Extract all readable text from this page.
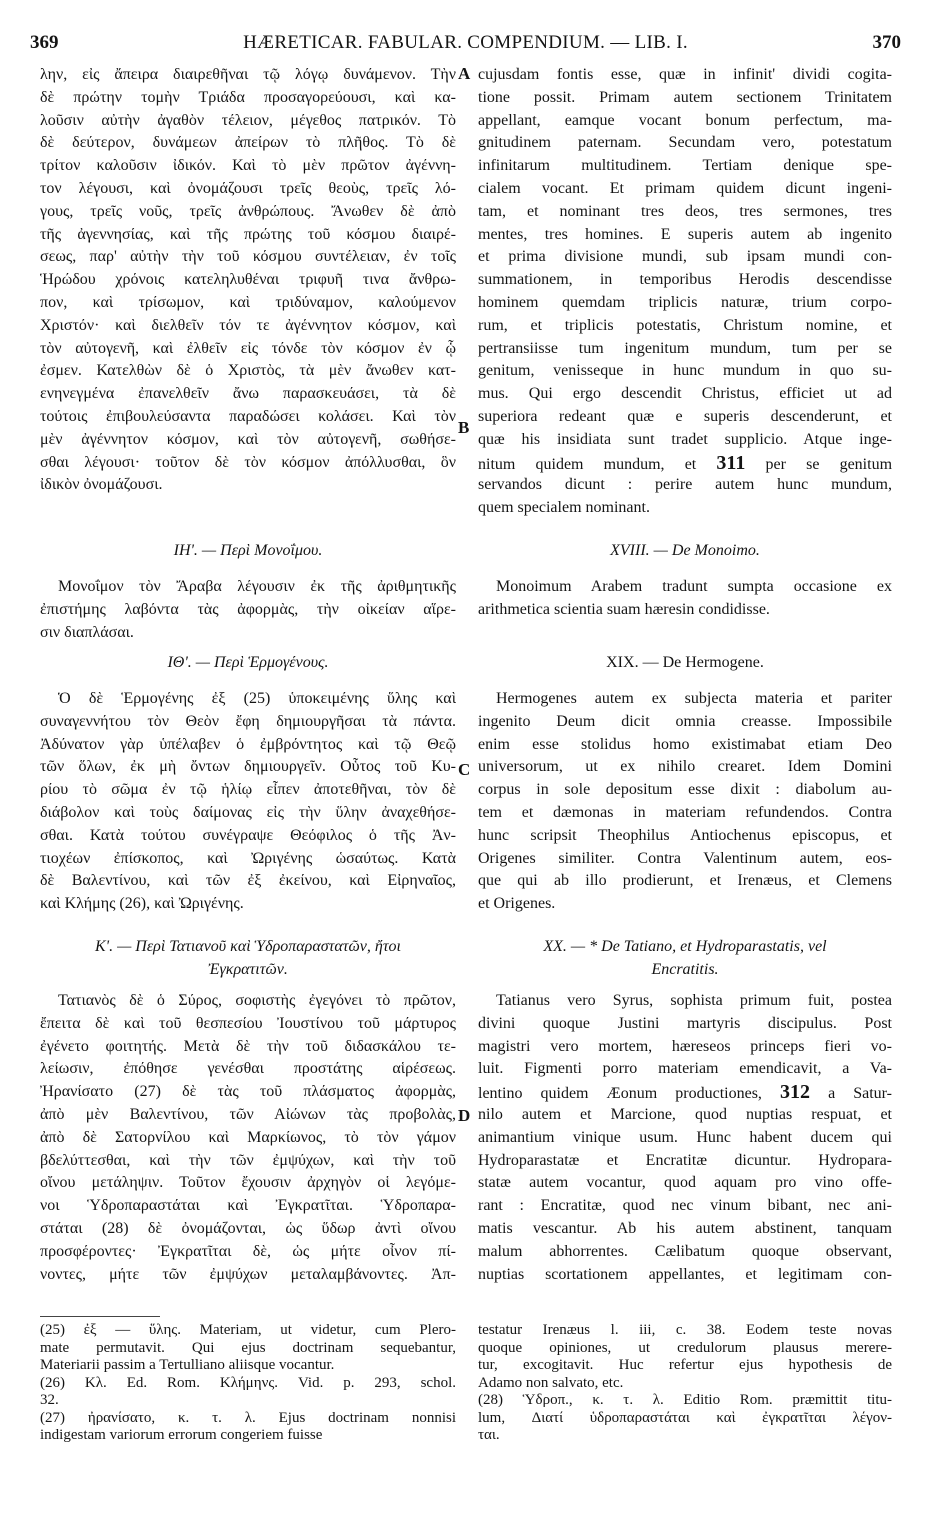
369	HÆRETICAR. FABULAR. COMPENDIUM. — LIB. I.	370
A
B
C
D
λην, εἰς ἄπειρα διαιρεθῆναι τῷ λόγῳ δυνάμενον. Τὴν
δὲ πρώτην τομὴν Τριάδα προσαγορεύουσι, καὶ κα-
λοῦσιν αὐτὴν ἀγαθὸν τέλειον, μέγεθος πατρικόν. Τὸ
δὲ δεύτερον, δυνάμεων ἀπείρων τὸ πλῆθος. Τὸ δὲ
τρίτον καλοῦσιν ἰδικόν. Καὶ τὸ μὲν πρῶτον ἀγέννη-
τον λέγουσι, καὶ ὀνομάζουσι τρεῖς θεοὺς, τρεῖς λό-
γους, τρεῖς νοῦς, τρεῖς ἀνθρώπους. Ἄνωθεν δὲ ἀπὸ
τῆς ἀγεννησίας, καὶ τῆς πρώτης τοῦ κόσμου διαιρέ-
σεως, παρ' αὐτὴν τὴν τοῦ κόσμου συντέλειαν, ἐν τοῖς
Ἡρώδου χρόνοις κατεληλυθέναι τριφυῆ τινα ἄνθρω-
πον, καὶ τρίσωμον, καὶ τριδύναμον, καλούμενον
Χριστόν· καὶ διελθεῖν τόν τε ἀγέννητον κόσμον, καὶ
τὸν αὐτογενῆ, καὶ ἐλθεῖν εἰς τόνδε τὸν κόσμον ἐν ᾧ
ἐσμεν. Κατελθὼν δὲ ὁ Χριστὸς, τὰ μὲν ἄνωθεν κατ-
ενηνεγμένα ἐπανελθεῖν ἄνω παρασκευάσει, τὰ δὲ
τούτοις ἐπιβουλεύσαντα παραδώσει κολάσει. Καὶ τὸν
μὲν ἀγέννητον κόσμον, καὶ τὸν αὐτογενῆ, σωθήσε-
σθαι λέγουσι· τοῦτον δὲ τὸν κόσμον ἀπόλλυσθαι, ὃν
ἰδικὸν ὀνομάζουσι.
ΙΗ'. — Περὶ Μονοΐμου.
Μονοΐμον τὸν Ἄραβα λέγουσιν ἐκ τῆς ἀριθμητικῆς
ἐπιστήμης λαβόντα τὰς ἀφορμὰς, τὴν οἰκείαν αἵρε-
σιν διαπλάσαι.
ΙΘ'. — Περὶ Ἑρμογένους.
Ὁ δὲ Ἑρμογένης ἐξ (25) ὑποκειμένης ὕλης καὶ
συναγεννήτου τὸν Θεὸν ἔφη δημιουργῆσαι τὰ πάντα.
Ἀδύνατον γὰρ ὑπέλαβεν ὁ ἐμβρόντητος καὶ τῷ Θεῷ
τῶν ὅλων, ἐκ μὴ ὄντων δημιουργεῖν. Οὗτος τοῦ Κυ-
ρίου τὸ σῶμα ἐν τῷ ἡλίῳ εἶπεν ἀποτεθῆναι, τὸν δὲ
διάβολον καὶ τοὺς δαίμονας εἰς τὴν ὕλην ἀναχεθήσε-
σθαι. Κατὰ τούτου συνέγραψε Θεόφιλος ὁ τῆς Ἀν-
τιοχέων ἐπίσκοπος, καὶ Ὠριγένης ὡσαύτως. Κατὰ
δὲ Βαλεντίνου, καὶ τῶν ἐξ ἐκείνου, καὶ Εἰρηναῖος,
καὶ Κλήμης (26), καὶ Ὠριγένης.
Κ'. — Περὶ Τατιανοῦ καὶ Ὑδροπαραστατῶν, ἤτοι
Ἐγκρατιτῶν.
Τατιανὸς δὲ ὁ Σύρος, σοφιστὴς ἐγεγόνει τὸ πρῶτον,
ἔπειτα δὲ καὶ τοῦ θεσπεσίου Ἰουστίνου τοῦ μάρτυρος
ἐγένετο φοιτητής. Μετὰ δὲ τὴν τοῦ διδασκάλου τε-
λείωσιν, ἐπόθησε γενέσθαι προστάτης αἱρέσεως.
Ἠρανίσατο (27) δὲ τὰς τοῦ πλάσματος ἀφορμὰς,
ἀπὸ μὲν Βαλεντίνου, τῶν Αἰώνων τὰς προβολὰς,
ἀπὸ δὲ Σατορνίλου καὶ Μαρκίωνος, τὸ τὸν γάμον
βδελύττεσθαι, καὶ τὴν τῶν ἐμψύχων, καὶ τὴν τοῦ
οἴνου μετάληψιν. Τοῦτον ἔχουσιν ἀρχηγὸν οἱ λεγόμε-
νοι Ὑδροπαραστάται καὶ Ἐγκρατῖται. Ὑδροπαρα-
στάται (28) δὲ ὀνομάζονται, ὡς ὕδωρ ἀντὶ οἴνου
προσφέροντες· Ἐγκρατῖται δὲ, ὡς μήτε οἶνον πί-
νοντες, μήτε τῶν ἐμψύχων μεταλαμβάνοντες. Ἀπ-
cujusdam fontis esse, quæ in infinit' dividi cogita-
tione possit. Primam autem sectionem Trinitatem
appellant, eamque vocant bonum perfectum, ma-
gnitudinem paternam. Secundam vero, potestatum
infinitarum multitudinem. Tertiam denique spe-
cialem vocant. Et primam quidem dicunt ingeni-
tam, et nominant tres deos, tres sermones, tres
mentes, tres homines. E superis autem ab ingenito
et prima divisione mundi, sub ipsam mundi con-
summationem, in temporibus Herodis descendisse
hominem quemdam triplicis naturæ, trium corpo-
rum, et triplicis potestatis, Christum nomine, et
pertransiisse tum ingenitum mundum, tum per se
genitum, venisseque in hunc mundum in quo su-
mus. Qui ergo descendit Christus, efficiet ut ad
superiora redeant quæ e superis descenderunt, et
quæ his insidiata sunt tradet supplicio. Atque inge-
nitum quidem mundum, et 311 per se genitum
servandos dicunt : perire autem hunc mundum,
quem specialem nominant.
XVIII. — De Monoimo.
Monoimum Arabem tradunt sumpta occasione ex
arithmetica scientia suam hæresin condidisse.
XIX. — De Hermogene.
Hermogenes autem ex subjecta materia et pariter
ingenito Deum dicit omnia creasse. Impossibile
enim esse stolidus homo existimabat etiam Deo
universorum, ut ex nihilo crearet. Idem Domini
corpus in sole depositum esse dixit : diabolum au-
tem et dæmonas in materiam refundendos. Contra
hunc scripsit Theophilus Antiochenus episcopus, et
Origenes similiter. Contra Valentinum autem, eos-
que qui ab illo prodierunt, et Irenæus, et Clemens
et Origenes.
XX. — * De Tatiano, et Hydroparastatis, vel
Encratitis.
Tatianus vero Syrus, sophista primum fuit, postea
divini quoque Justini martyris discipulus. Post
magistri vero mortem, hæreseos princeps fieri vo-
luit. Figmenti porro materiam emendicavit, a Va-
lentino quidem Æonum productiones, 312 a Satur-
nilo autem et Marcione, quod nuptias respuat, et
animantium vinique usum. Hunc habent ducem qui
Hydroparastatæ et Encratitæ dicuntur. Hydropara-
statæ autem vocantur, quod aquam pro vino offe-
rant : Encratitæ, quod nec vinum bibant, nec ani-
matis vescantur. Ab his autem abstinent, tanquam
malum abhorrentes. Cælibatum quoque observant,
nuptias scortationem appellantes, et legitimam con-
(25) ἐξ — ὕλης. Materiam, ut videtur, cum Plero-
mate permutavit. Qui ejus doctrinam sequebantur,
Materiarii passim a Tertulliano aliisque vocantur.
(26) Κλ. Ed. Rom. Κλήμηνς. Vid. p. 293, schol.
32.
(27) ἠρανίσατο, κ. τ. λ. Ejus doctrinam nonnisi
indigestam variorum errorum congeriem fuisse
testatur Irenæus l. iii, c. 38. Eodem teste novas
quoque opiniones, ut credulorum plausus merere-
tur, excogitavit. Huc refertur ejus hypothesis de
Adamo non salvato, etc.
(28) Ὑδροπ., κ. τ. λ. Editio Rom. præmittit titu-
lum, Διατί ὑδροπαραστάται καὶ ἐγκρατῖται λέγον-
ται.
